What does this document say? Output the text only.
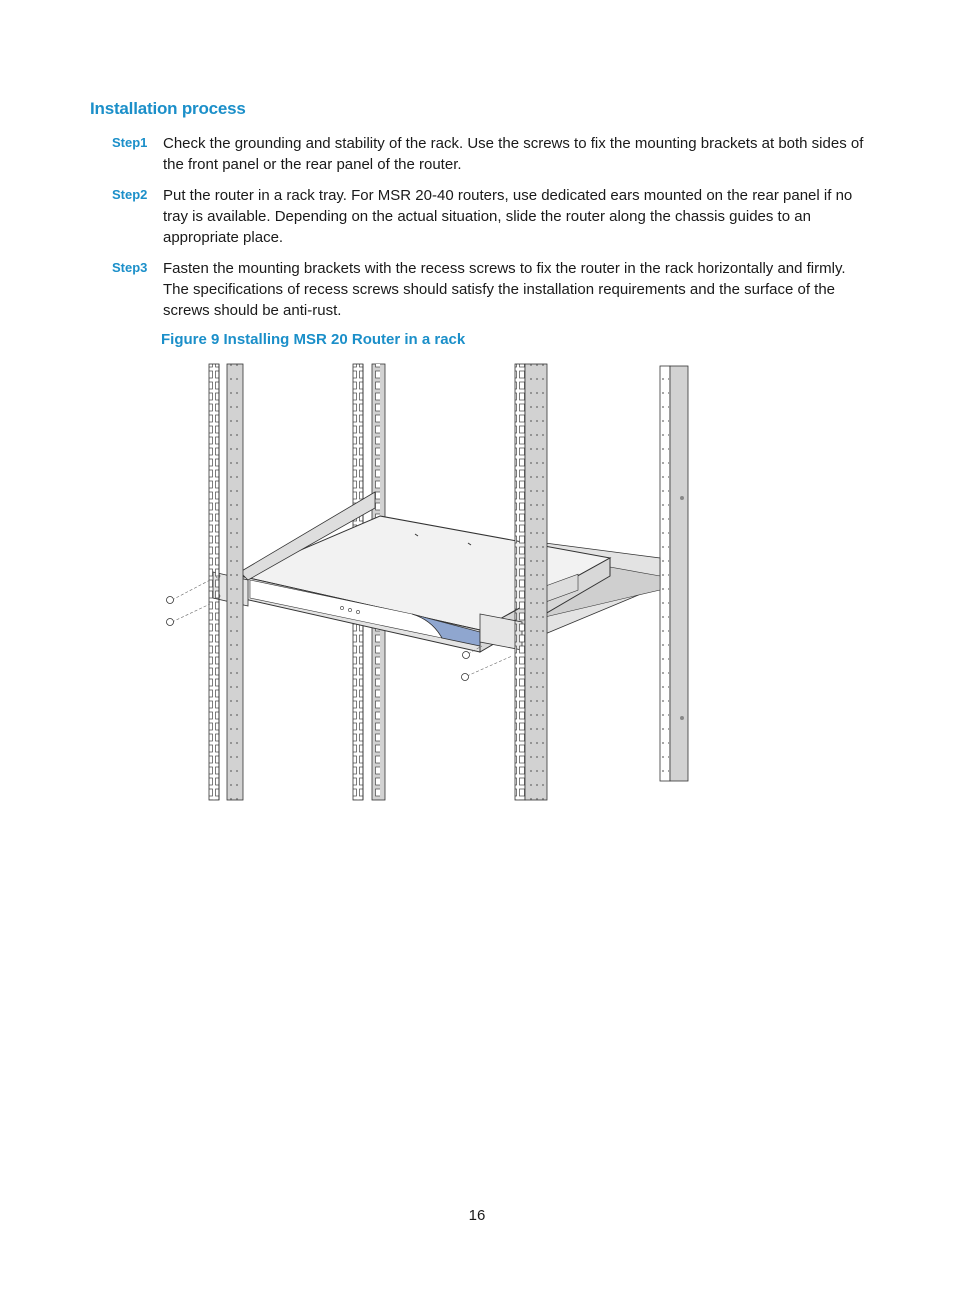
Installation process
Step1 Check the grounding and stability of the rack. Use the screws to fix the mounting brackets at both sides of the front panel or the rear panel of the router.
Step2 Put the router in a rack tray. For MSR 20-40 routers, use dedicated ears mounted on the rear panel if no tray is available. Depending on the actual situation, slide the router along the chassis guides to an appropriate place.
Step3 Fasten the mounting brackets with the recess screws to fix the router in the rack horizontally and firmly. The specifications of recess screws should satisfy the installation requirements and the surface of the screws should be anti-rust.
Figure 9 Installing MSR 20 Router in a rack
16
